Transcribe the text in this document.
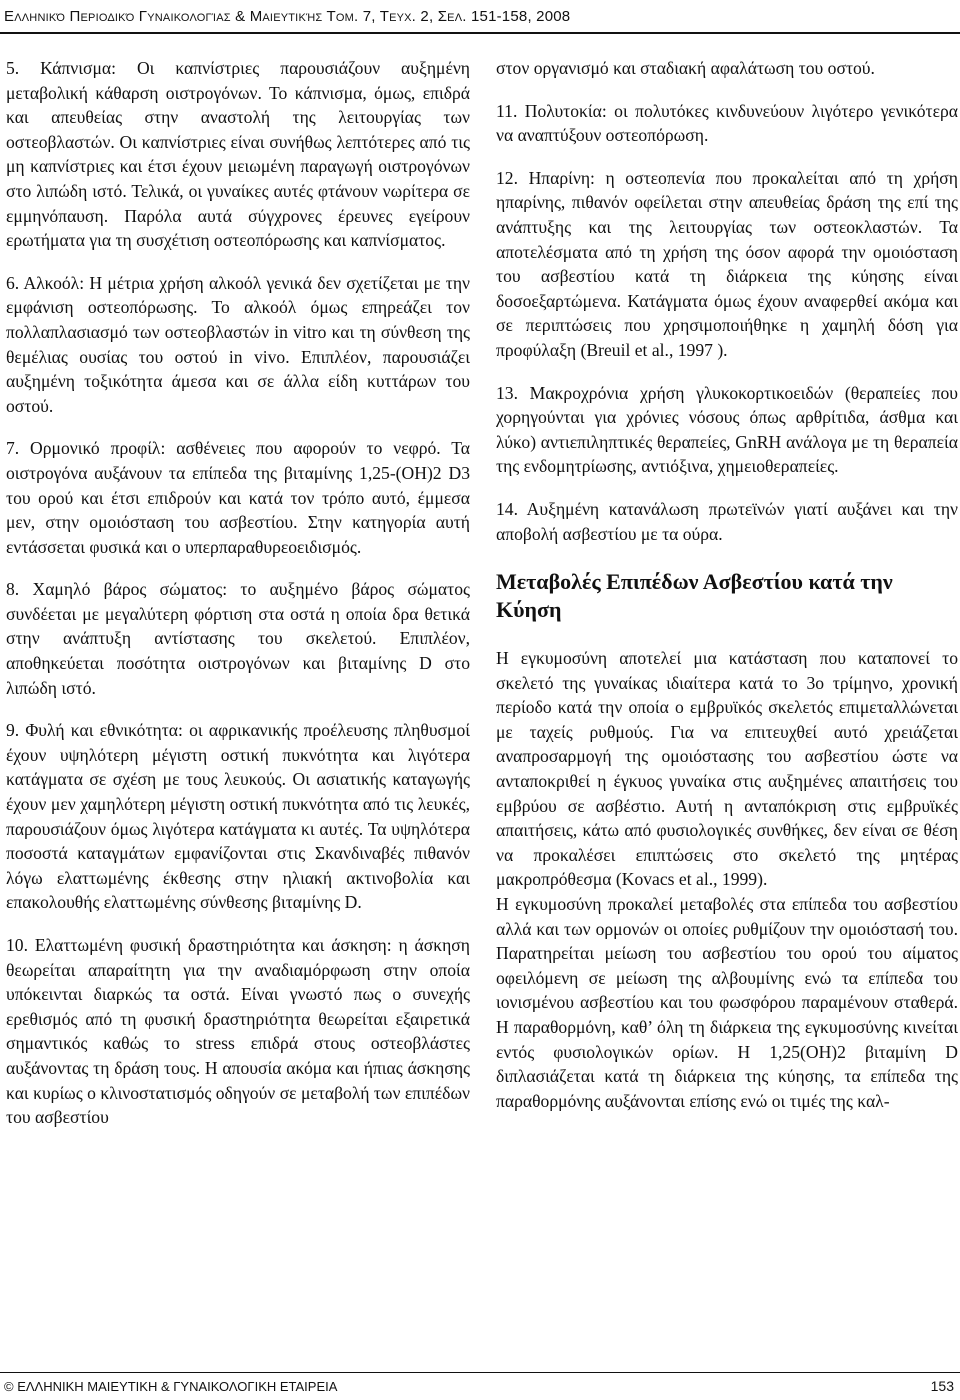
Ελληνικό Περιοδικό Γυναικολογίας & Μαιευτικής Τομ. 7, Τευχ. 2, Σελ. 151-158, 2008

5. Κάπνισμα: Οι καπνίστριες παρουσιάζουν αυξημένη μεταβολική κάθαρση οιστρογόνων. Το κάπνισμα, όμως, επιδρά και απευθείας στην αναστολή της λειτουργίας των οστεοβλαστών. Οι καπνίστριες είναι συνήθως λεπτότερες από τις μη καπνίστριες και έτσι έχουν μειωμένη παραγωγή οιστρογόνων στο λιπώδη ιστό. Τελικά, οι γυναίκες αυτές φτάνουν νωρίτερα σε εμμηνόπαυση. Παρόλα αυτά σύγχρονες έρευνες εγείρουν ερωτήματα για τη συσχέτιση οστεοπόρωσης και καπνίσματος.

6. Αλκοόλ: Η μέτρια χρήση αλκοόλ γενικά δεν σχετίζεται με την εμφάνιση οστεοπόρωσης. Το αλκοόλ όμως επηρεάζει τον πολλαπλασιασμό των οστεοβλαστών in vitro και τη σύνθεση της θεμέλιας ουσίας του οστού in vivo. Επιπλέον, παρουσιάζει αυξημένη τοξικότητα άμεσα και σε άλλα είδη κυττάρων του οστού.

7. Ορμονικό προφίλ: ασθένειες που αφορούν το νεφρό. Τα οιστρογόνα αυξάνουν τα επίπεδα της βιταμίνης 1,25-(OH)2 D3 του ορού και έτσι επιδρούν και κατά τον τρόπο αυτό, έμμεσα μεν, στην ομοιόσταση του ασβεστίου. Στην κατηγορία αυτή εντάσσεται φυσικά και ο υπερπαραθυρεοειδισμός.

8. Χαμηλό βάρος σώματος: το αυξημένο βάρος σώματος συνδέεται με μεγαλύτερη φόρτιση στα οστά η οποία δρα θετικά στην ανάπτυξη αντίστασης του σκελετού. Επιπλέον, αποθηκεύεται ποσότητα οιστρογόνων και βιταμίνης D στο λιπώδη ιστό.

9. Φυλή και εθνικότητα: οι αφρικανικής προέλευσης πληθυσμοί έχουν υψηλότερη μέγιστη οστική πυκνότητα και λιγότερα κατάγματα σε σχέση με τους λευκούς. Οι ασιατικής καταγωγής έχουν μεν χαμηλότερη μέγιστη οστική πυκνότητα από τις λευκές, παρουσιάζουν όμως λιγότερα κατάγματα κι αυτές. Τα υψηλότερα ποσοστά καταγμάτων εμφανίζονται στις Σκανδιναβές πιθανόν λόγω ελαττωμένης έκθεσης στην ηλιακή ακτινοβολία και επακολουθής ελαττωμένης σύνθεσης βιταμίνης D.

10. Ελαττωμένη φυσική δραστηριότητα και άσκηση: η άσκηση θεωρείται απαραίτητη για την αναδιαμόρφωση στην οποία υπόκεινται διαρκώς τα οστά. Είναι γνωστό πως ο συνεχής ερεθισμός από τη φυσική δραστηριότητα θεωρείται εξαιρετικά σημαντικός καθώς το stress επιδρά στους οστεοβλάστες αυξάνοντας τη δράση τους. Η απουσία ακόμα και ήπιας άσκησης και κυρίως ο κλινοστατισμός οδηγούν σε μεταβολή των επιπέδων του ασβεστίου

στον οργανισμό και σταδιακή αφαλάτωση του οστού.

11. Πολυτοκία: οι πολυτόκες κινδυνεύουν λιγότερο γενικότερα να αναπτύξουν οστεοπόρωση.

12. Ηπαρίνη: η οστεοπενία που προκαλείται από τη χρήση ηπαρίνης, πιθανόν οφείλεται στην απευθείας δράση της επί της ανάπτυξης και της λειτουργίας των οστεοκλαστών. Τα αποτελέσματα από τη χρήση της όσον αφορά την ομοιόσταση του ασβεστίου κατά τη διάρκεια της κύησης είναι δοσοεξαρτώμενα. Κατάγματα όμως έχουν αναφερθεί ακόμα και σε περιπτώσεις που χρησιμοποιήθηκε η χαμηλή δόση για προφύλαξη (Breuil et al., 1997 ).

13. Μακροχρόνια χρήση γλυκοκορτικοειδών (θεραπείες που χορηγούνται για χρόνιες νόσους όπως αρθρίτιδα, άσθμα και λύκο) αντιεπιληπτικές θεραπείες, GnRH ανάλογα με τη θεραπεία της ενδομητρίωσης, αντιόξινα, χημειοθεραπείες.

14. Αυξημένη κατανάλωση πρωτεϊνών γιατί αυξάνει και την αποβολή ασβεστίου με τα ούρα.

Μεταβολές Επιπέδων Ασβεστίου κατά την Κύηση

Η εγκυμοσύνη αποτελεί μια κατάσταση που καταπονεί το σκελετό της γυναίκας ιδιαίτερα κατά το 3ο τρίμηνο, χρονική περίοδο κατά την οποία ο εμβρυϊκός σκελετός επιμεταλλώνεται με ταχείς ρυθμούς. Για να επιτευχθεί αυτό χρειάζεται αναπροσαρμογή της ομοιόστασης του ασβεστίου ώστε να ανταποκριθεί η έγκυος γυναίκα στις αυξημένες απαιτήσεις του εμβρύου σε ασβέστιο. Αυτή η ανταπόκριση στις εμβρυϊκές απαιτήσεις, κάτω από φυσιολογικές συνθήκες, δεν είναι σε θέση να προκαλέσει επιπτώσεις στο σκελετό της μητέρας μακροπρόθεσμα (Kovacs et al., 1999).

Η εγκυμοσύνη προκαλεί μεταβολές στα επίπεδα του ασβεστίου αλλά και των ορμονών οι οποίες ρυθμίζουν την ομοιόστασή του. Παρατηρείται μείωση του ασβεστίου του ορού του αίματος οφειλόμενη σε μείωση της αλβουμίνης ενώ τα επίπεδα του ιονισμένου ασβεστίου και του φωσφόρου παραμένουν σταθερά. Η παραθορμόνη, καθ’ όλη τη διάρκεια της εγκυμοσύνης κινείται εντός φυσιολογικών ορίων. Η 1,25(OH)2 βιταμίνη D διπλασιάζεται κατά τη διάρκεια της κύησης, τα επίπεδα της παραθορμόνης αυξάνονται επίσης ενώ οι τιμές της καλ-

© ΕΛΛΗΝΙΚΗ ΜΑΙΕΥΤΙΚΗ & ΓΥΝΑΙΚΟΛΟΓΙΚΗ ΕΤΑΙΡΕΙΑ	153
